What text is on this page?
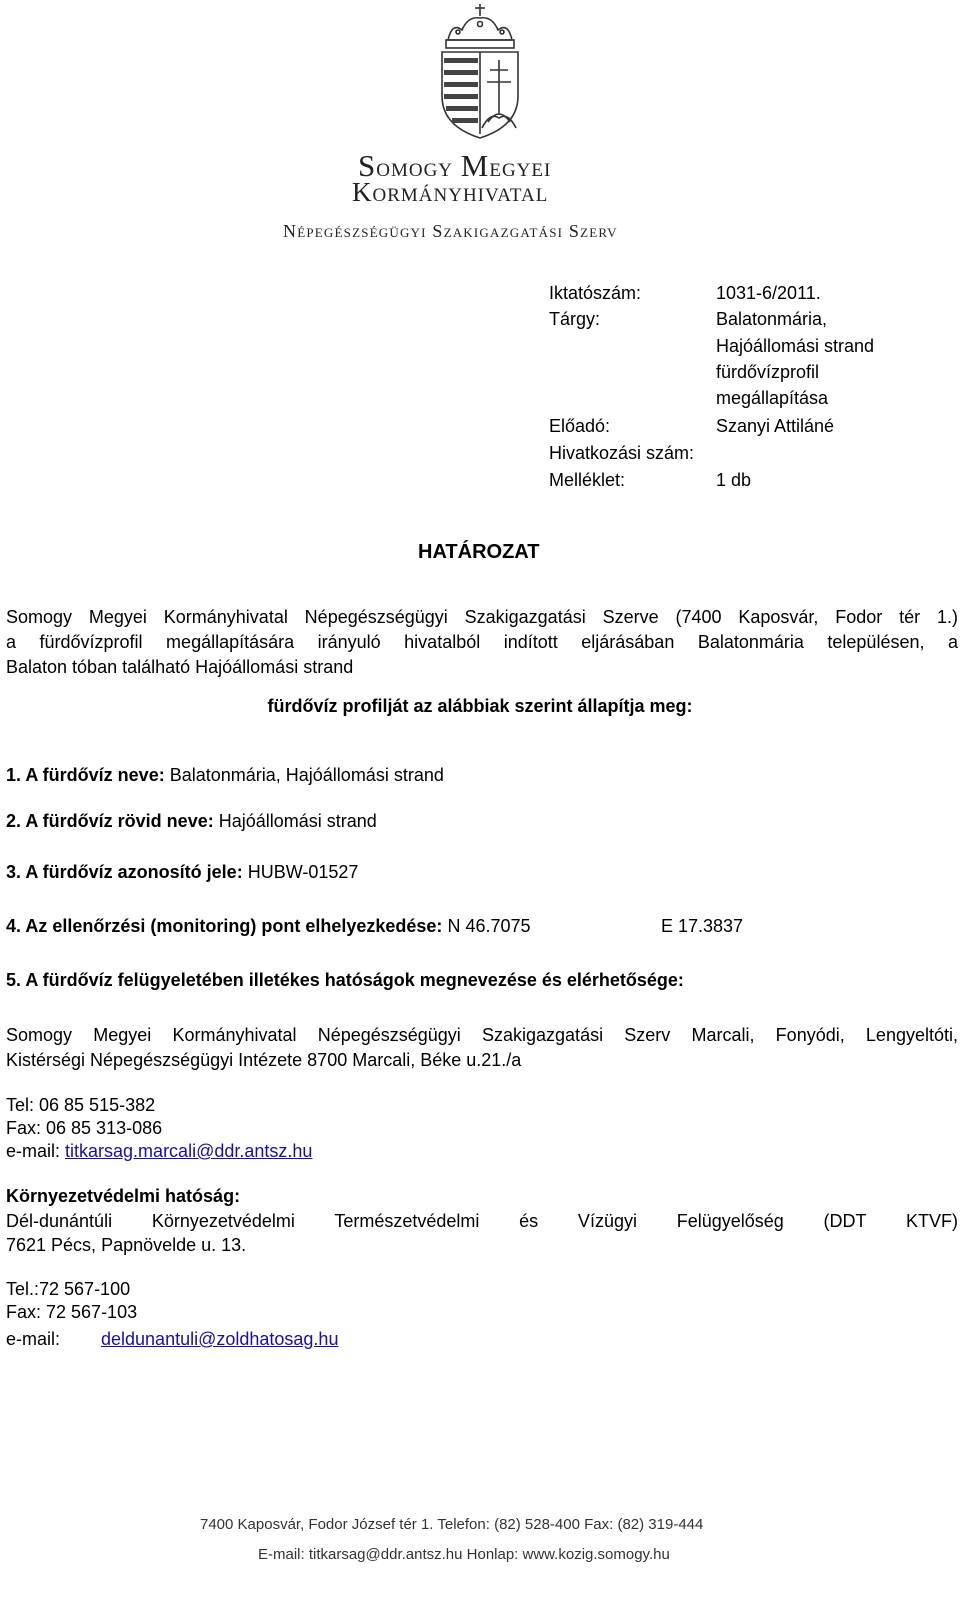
Somogy Megyei
Kormányhivatal
Népegészségügyi Szakigazgatási Szerv
Iktatószám:	1031-6/2011.
Tárgy:	Balatonmária,
Hajóállomási strand
fürdővízprofil
megállapítása
Előadó:	Szanyi Attiláné
Hivatkozási szám:
Melléklet:	1 db
HATÁROZAT
Somogy Megyei Kormányhivatal Népegészségügyi Szakigazgatási Szerve (7400 Kaposvár, Fodor tér 1.)
a fürdővízprofil megállapítására irányuló hivatalból indított eljárásában Balatonmária településen, a
Balaton tóban található Hajóállomási strand
fürdővíz profilját az alábbiak szerint állapítja meg:
1. A fürdővíz neve: Balatonmária, Hajóállomási strand
2. A fürdővíz rövid neve: Hajóállomási strand
3. A fürdővíz azonosító jele: HUBW-01527
4. Az ellenőrzési (monitoring) pont elhelyezkedése: N 46.7075	E 17.3837
5. A fürdővíz felügyeletében illetékes hatóságok megnevezése és elérhetősége:
Somogy Megyei Kormányhivatal Népegészségügyi Szakigazgatási Szerv Marcali, Fonyódi, Lengyeltóti,
Kistérségi Népegészségügyi Intézete 8700 Marcali, Béke u.21./a
Tel: 06 85 515-382
Fax: 06 85 313-086
e-mail: titkarsag.marcali@ddr.antsz.hu
Környezetvédelmi hatóság:
Dél-dunántúli Környezetvédelmi Természetvédelmi és Vízügyi Felügyelőség (DDT KTVF)
7621 Pécs, Papnövelde u. 13.
Tel.:72 567-100
Fax: 72 567-103
e-mail: deldunantuli@zoldhatosag.hu
7400 Kaposvár, Fodor József tér 1. Telefon: (82) 528-400 Fax: (82) 319-444
E-mail: titkarsag@ddr.antsz.hu Honlap: www.kozig.somogy.hu
